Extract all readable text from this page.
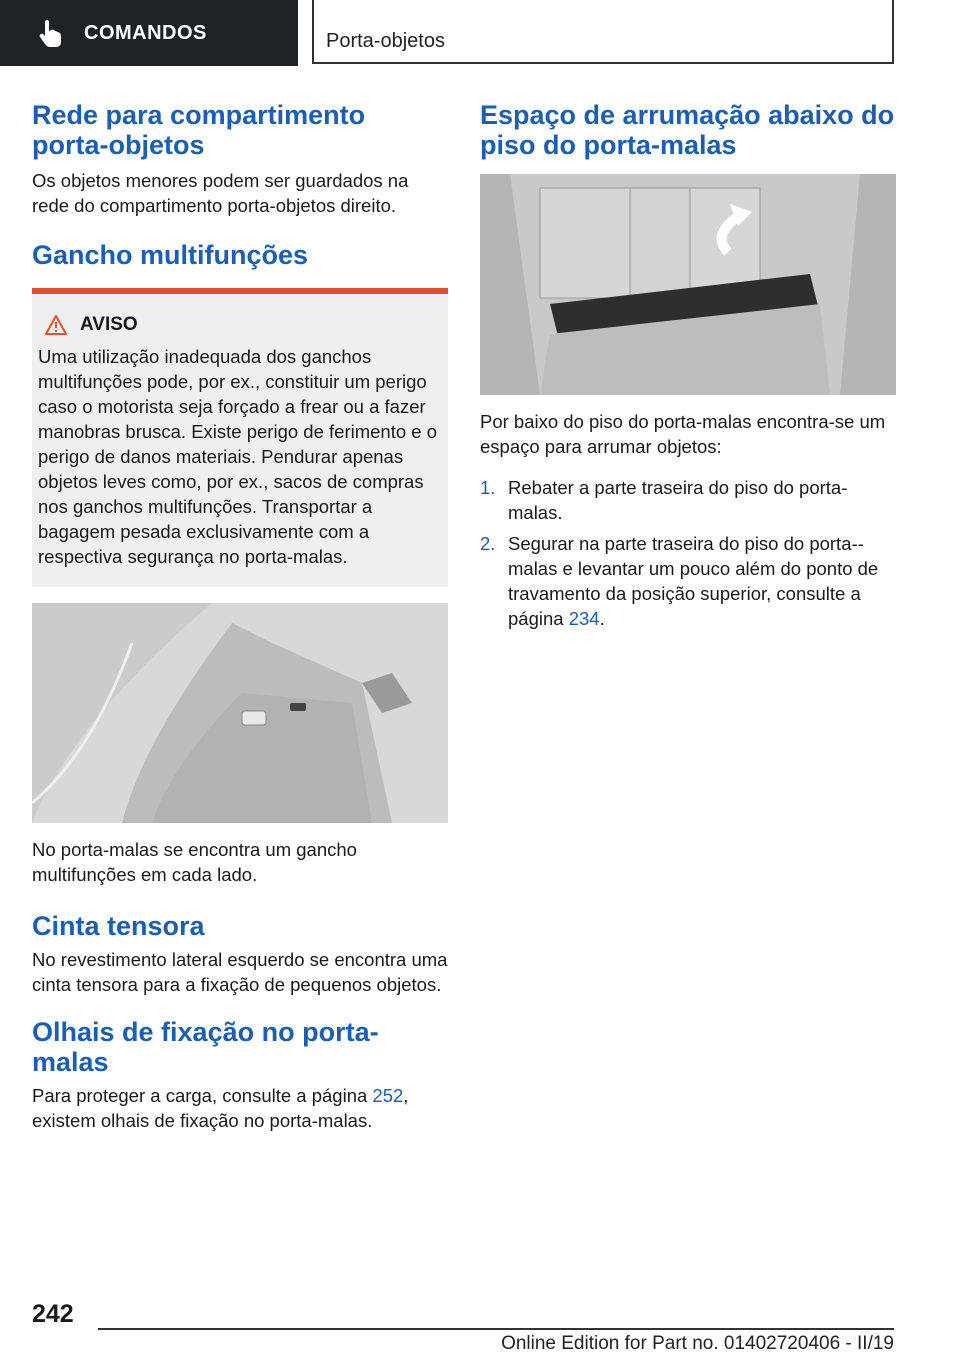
COMANDOS	Porta-objetos
Rede para compartimento porta-objetos

Os objetos menores podem ser guardados na rede do compartimento porta-objetos direito.

Gancho multifunções
AVISO

Uma utilização inadequada dos ganchos multifunções pode, por ex., constituir um perigo caso o motorista seja forçado a frear ou a fazer manobras brusca. Existe perigo de ferimento e o perigo de danos materiais. Pendurar apenas objetos leves como, por ex., sacos de compras nos ganchos multifunções. Transportar a bagagem pesada exclusivamente com a respectiva segurança no porta-malas.

No porta-malas se encontra um gancho multifunções em cada lado.

Cinta tensora

No revestimento lateral esquerdo se encontra uma cinta tensora para a fixação de pequenos objetos.

Olhais de fixação no porta-malas

Para proteger a carga, consulte a página 252, existem olhais de fixação no porta-malas.

Espaço de arrumação abaixo do piso do porta-malas

Por baixo do piso do porta-malas encontra-se um espaço para arrumar objetos:

1. Rebater a parte traseira do piso do porta-malas.
2. Segurar na parte traseira do piso do porta--malas e levantar um pouco além do ponto de travamento da posição superior, consulte a página 234.
242
Online Edition for Part no. 01402720406 - II/19
